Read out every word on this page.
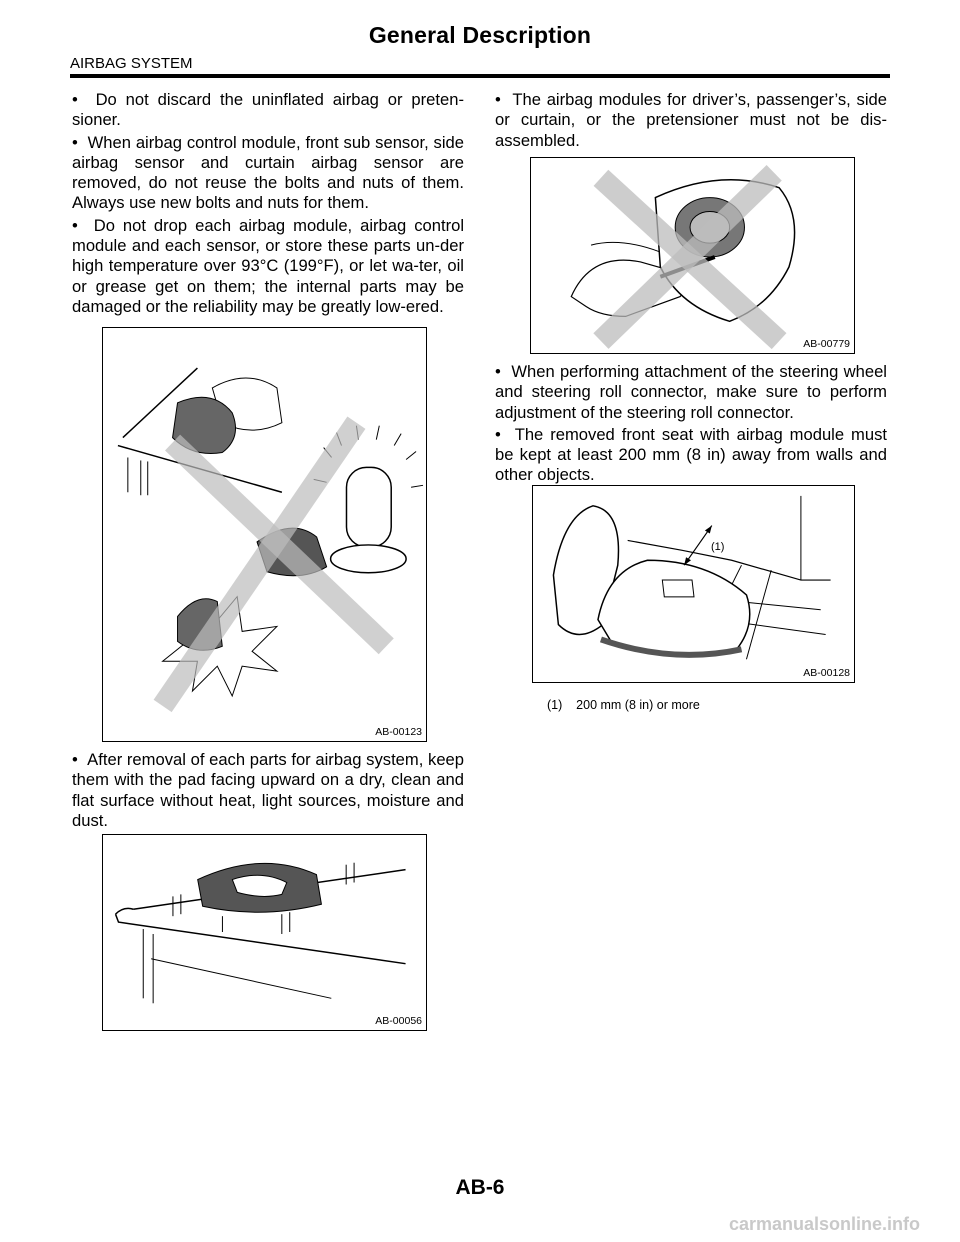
General Description
AIRBAG SYSTEM

•  Do not discard the uninflated airbag or preten-sioner.

•  When airbag control module, front sub sensor, side airbag sensor and curtain airbag sensor are removed, do not reuse the bolts and nuts of them. Always use new bolts and nuts for them.

•  Do not drop each airbag module, airbag control module and each sensor, or store these parts un-der high temperature over 93°C (199°F), or let wa-ter, oil or grease get on them; the internal parts may be damaged or the reliability may be greatly low-ered.

AB-00123

•  After removal of each parts for airbag system, keep them with the pad facing upward on a dry, clean and flat surface without heat, light sources, moisture and dust.

AB-00056

•  The airbag modules for driver’s, passenger’s, side or curtain, or the pretensioner must not be dis-assembled.

AB-00779

•  When performing attachment of the steering wheel and steering roll connector, make sure to perform adjustment of the steering roll connector.

•  The removed front seat with airbag module must be kept at least 200 mm (8 in) away from walls and other objects.

(1)
AB-00128
(1)    200 mm (8 in) or more
AB-6
carmanualsonline.info
